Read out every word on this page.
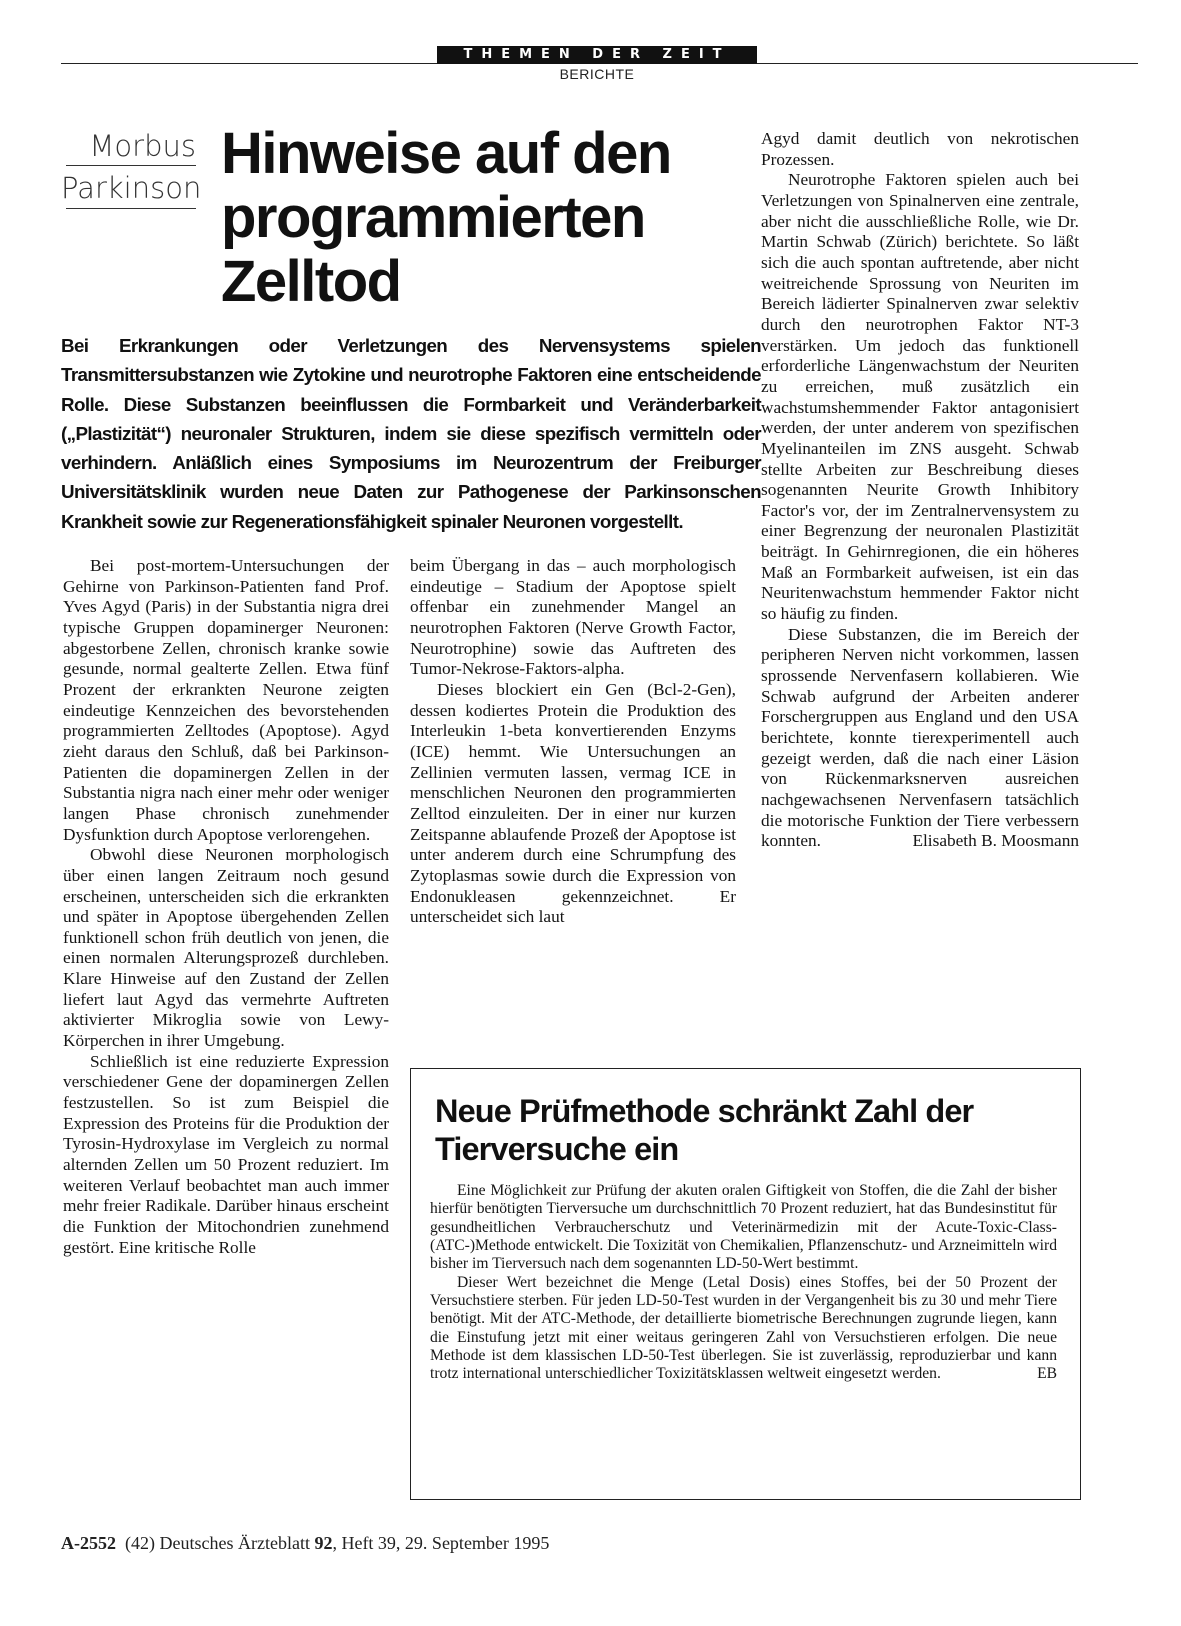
THEMEN DER ZEIT
BERICHTE
Morbus
Parkinson
Hinweise auf den programmierten Zelltod
Bei Erkrankungen oder Verletzungen des Nervensystems spielen Transmittersubstanzen wie Zytokine und neurotrophe Faktoren eine entscheidende Rolle. Diese Substanzen beeinflussen die Formbarkeit und Veränderbarkeit („Plastizität“) neuronaler Strukturen, indem sie diese spezifisch vermitteln oder verhindern. Anläßlich eines Symposiums im Neurozentrum der Freiburger Universitätsklinik wurden neue Daten zur Pathogenese der Parkinsonschen Krankheit sowie zur Regenerationsfähigkeit spinaler Neuronen vorgestellt.

Bei post-mortem-Untersuchungen der Gehirne von Parkinson-Patienten fand Prof. Yves Agyd (Paris) in der Substantia nigra drei typische Gruppen dopaminerger Neuronen: abgestorbene Zellen, chronisch kranke sowie gesunde, normal gealterte Zellen. Etwa fünf Prozent der erkrankten Neurone zeigten eindeutige Kennzeichen des bevorstehenden programmierten Zelltodes (Apoptose). Agyd zieht daraus den Schluß, daß bei Parkinson-Patienten die dopaminergen Zellen in der Substantia nigra nach einer mehr oder weniger langen Phase chronisch zunehmender Dysfunktion durch Apoptose verlorengehen.

Obwohl diese Neuronen morphologisch über einen langen Zeitraum noch gesund erscheinen, unterscheiden sich die erkrankten und später in Apoptose übergehenden Zellen funktionell schon früh deutlich von jenen, die einen normalen Alterungsprozeß durchleben. Klare Hinweise auf den Zustand der Zellen liefert laut Agyd das vermehrte Auftreten aktivierter Mikroglia sowie von Lewy-Körperchen in ihrer Umgebung.

Schließlich ist eine reduzierte Expression verschiedener Gene der dopaminergen Zellen festzustellen. So ist zum Beispiel die Expression des Proteins für die Produktion der Tyrosin-Hydroxylase im Vergleich zu normal alternden Zellen um 50 Prozent reduziert. Im weiteren Verlauf beobachtet man auch immer mehr freier Radikale. Darüber hinaus erscheint die Funktion der Mitochondrien zunehmend gestört. Eine kritische Rolle

beim Übergang in das – auch morphologisch eindeutige – Stadium der Apoptose spielt offenbar ein zunehmender Mangel an neurotrophen Faktoren (Nerve Growth Factor, Neurotrophine) sowie das Auftreten des Tumor-Nekrose-Faktors-alpha.

Dieses blockiert ein Gen (Bcl-2-Gen), dessen kodiertes Protein die Produktion des Interleukin 1-beta konvertierenden Enzyms (ICE) hemmt. Wie Untersuchungen an Zellinien vermuten lassen, vermag ICE in menschlichen Neuronen den programmierten Zelltod einzuleiten. Der in einer nur kurzen Zeitspanne ablaufende Prozeß der Apoptose ist unter anderem durch eine Schrumpfung des Zytoplasmas sowie durch die Expression von Endonukleasen gekennzeichnet. Er unterscheidet sich laut

Agyd damit deutlich von nekrotischen Prozessen.

Neurotrophe Faktoren spielen auch bei Verletzungen von Spinalnerven eine zentrale, aber nicht die ausschließliche Rolle, wie Dr. Martin Schwab (Zürich) berichtete. So läßt sich die auch spontan auftretende, aber nicht weitreichende Sprossung von Neuriten im Bereich lädierter Spinalnerven zwar selektiv durch den neurotrophen Faktor NT-3 verstärken. Um jedoch das funktionell erforderliche Längenwachstum der Neuriten zu erreichen, muß zusätzlich ein wachstumshemmender Faktor antagonisiert werden, der unter anderem von spezifischen Myelinanteilen im ZNS ausgeht. Schwab stellte Arbeiten zur Beschreibung dieses sogenannten Neurite Growth Inhibitory Factor's vor, der im Zentralnervensystem zu einer Begrenzung der neuronalen Plastizität beiträgt. In Gehirnregionen, die ein höheres Maß an Formbarkeit aufweisen, ist ein das Neuritenwachstum hemmender Faktor nicht so häufig zu finden.

Diese Substanzen, die im Bereich der peripheren Nerven nicht vorkommen, lassen sprossende Nervenfasern kollabieren. Wie Schwab aufgrund der Arbeiten anderer Forschergruppen aus England und den USA berichtete, konnte tierexperimentell auch gezeigt werden, daß die nach einer Läsion von Rückenmarksnerven ausreichen nachgewachsenen Nervenfasern tatsächlich die motorische Funktion der Tiere verbessern konnten.	Elisabeth B. Moosmann

Neue Prüfmethode schränkt Zahl der Tierversuche ein

Eine Möglichkeit zur Prüfung der akuten oralen Giftigkeit von Stoffen, die die Zahl der bisher hierfür benötigten Tierversuche um durchschnittlich 70 Prozent reduziert, hat das Bundesinstitut für gesundheitlichen Verbraucherschutz und Veterinärmedizin mit der Acute-Toxic-Class-(ATC-)Methode entwickelt. Die Toxizität von Chemikalien, Pflanzenschutz- und Arzneimitteln wird bisher im Tierversuch nach dem sogenannten LD-50-Wert bestimmt.

Dieser Wert bezeichnet die Menge (Letal Dosis) eines Stoffes, bei der 50 Prozent der Versuchstiere sterben. Für jeden LD-50-Test wurden in der Vergangenheit bis zu 30 und mehr Tiere benötigt. Mit der ATC-Methode, der detaillierte biometrische Berechnungen zugrunde liegen, kann die Einstufung jetzt mit einer weitaus geringeren Zahl von Versuchstieren erfolgen. Die neue Methode ist dem klassischen LD-50-Test überlegen. Sie ist zuverlässig, reproduzierbar und kann trotz international unterschiedlicher Toxizitätsklassen weltweit eingesetzt werden.	EB

A-2552 (42) Deutsches Ärzteblatt 92, Heft 39, 29. September 1995
